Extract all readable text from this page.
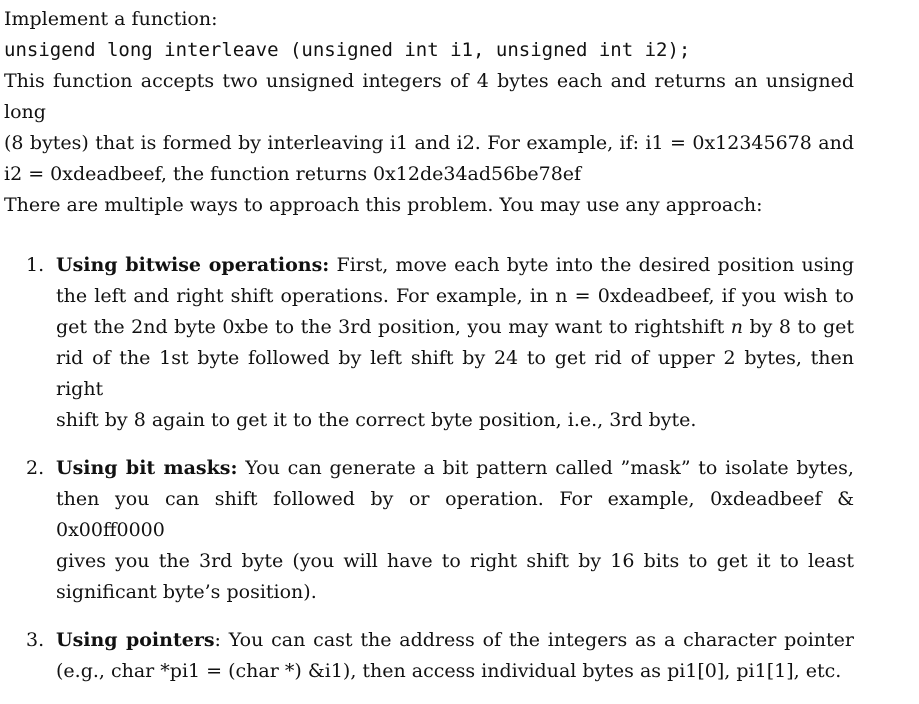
Implement a function:
unsigend long interleave (unsigned int i1, unsigned int i2);
This function accepts two unsigned integers of 4 bytes each and returns an unsigned long
(8 bytes) that is formed by interleaving i1 and i2. For example, if: i1 = 0x12345678 and
i2 = 0xdeadbeef, the function returns 0x12de34ad56be78ef
There are multiple ways to approach this problem. You may use any approach:
1. Using bitwise operations: First, move each byte into the desired position using

the left and right shift operations. For example, in n = 0xdeadbeef, if you wish to

get the 2nd byte 0xbe to the 3rd position, you may want to rightshift n by 8 to get

rid of the 1st byte followed by left shift by 24 to get rid of upper 2 bytes, then right

shift by 8 again to get it to the correct byte position, i.e., 3rd byte.

2. Using bit masks: You can generate a bit pattern called ”mask” to isolate bytes,

then you can shift followed by or operation. For example, 0xdeadbeef & 0x00ff0000

gives you the 3rd byte (you will have to right shift by 16 bits to get it to least

significant byte’s position).

3. Using pointers: You can cast the address of the integers as a character pointer

(e.g., char *pi1 = (char *) &i1), then access individual bytes as pi1[0], pi1[1], etc.
